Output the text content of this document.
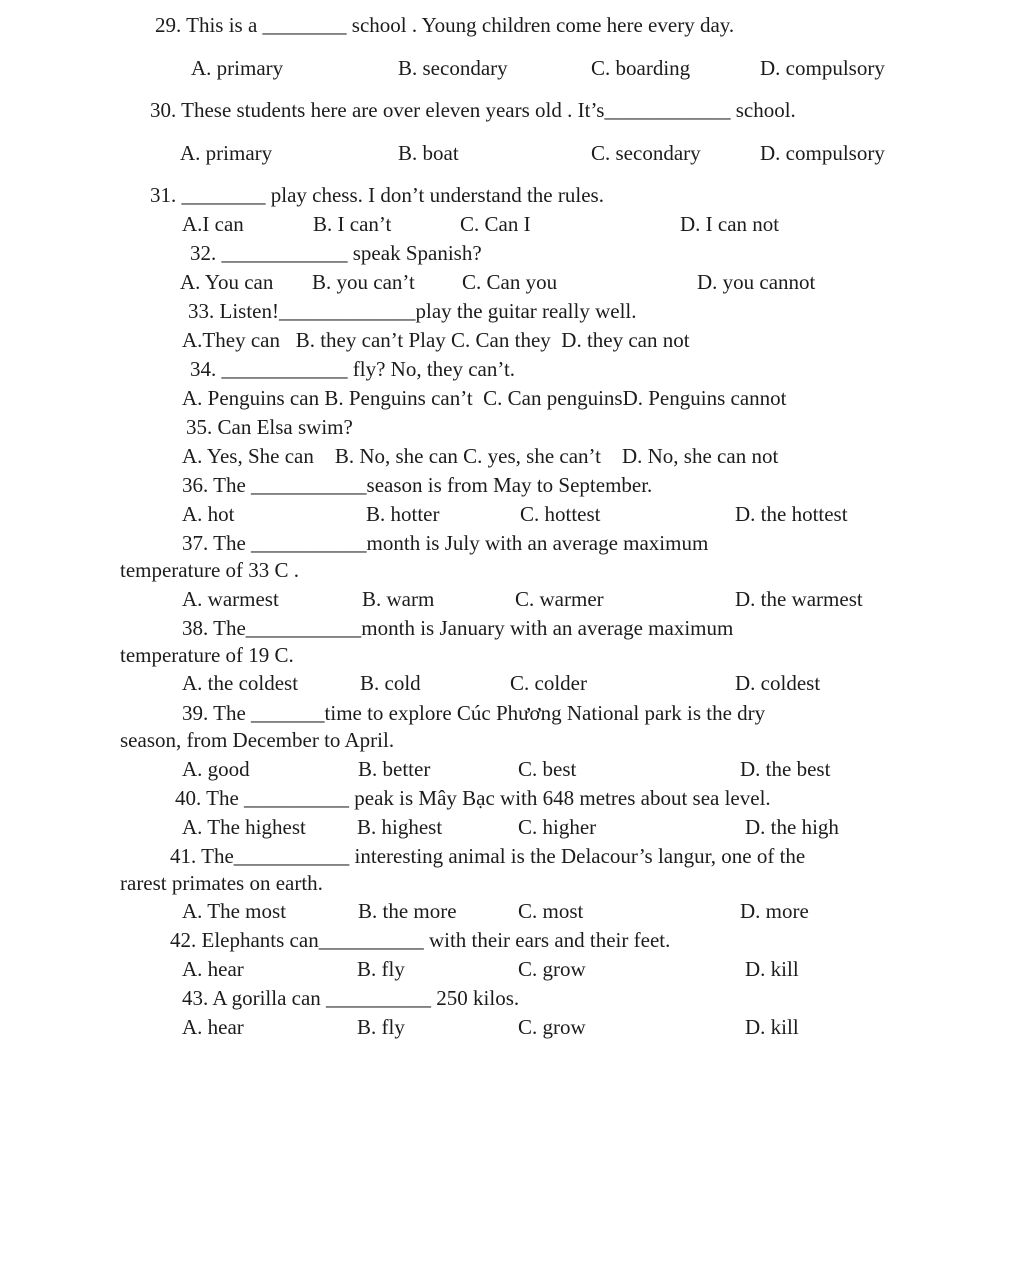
29. This is a ________ school . Young children come here every day.
A. primary	B. secondary	C. boarding	D. compulsory
30. These students here are over eleven years old . It’s____________ school.
A. primary	B. boat	C. secondary	D. compulsory
31. ________ play chess. I don’t understand the rules.
A.I can	B. I can’t	C. Can I	D. I can not
32. ____________ speak Spanish?
A. You can B. you can’t C. Can you	D. you cannot
33. Listen!_____________play the guitar really well.
A.They can   B. they can’t Play C. Can they  D. they can not
34. ____________ fly? No, they can’t.
A. Penguins can B. Penguins can’t  C. Can penguinsD. Penguins cannot
35. Can Elsa swim?
A. Yes, She can    B. No, she can C. yes, she can’t    D. No, she can not
36. The ___________season is from May to September.
A. hot	B. hotter	C. hottest	D. the hottest
37. The ___________month is July with an average maximum
temperature of 33 C .
A. warmest	B. warm	C. warmer	D. the warmest
38. The___________month is January with an average maximum
temperature of 19 C.
A. the coldest	B. cold	C. colder	D. coldest
39. The _______time to explore Cúc Phương National park is the dry
season, from December to April.
A. good	B. better	C. best	D. the best
40. The __________ peak is Mây Bạc with 648 metres about sea level.
A. The highest B. highest	C. higher	D. the high
41. The___________ interesting animal is the Delacour’s langur, one of the
rarest primates on earth.
A. The most	B. the more	C. most	D. more
42. Elephants can__________ with their ears and their feet.
A. hear	B. fly	C. grow	D. kill
43. A gorilla can __________ 250 kilos.
A. hear	B. fly	C. grow	D. kill
